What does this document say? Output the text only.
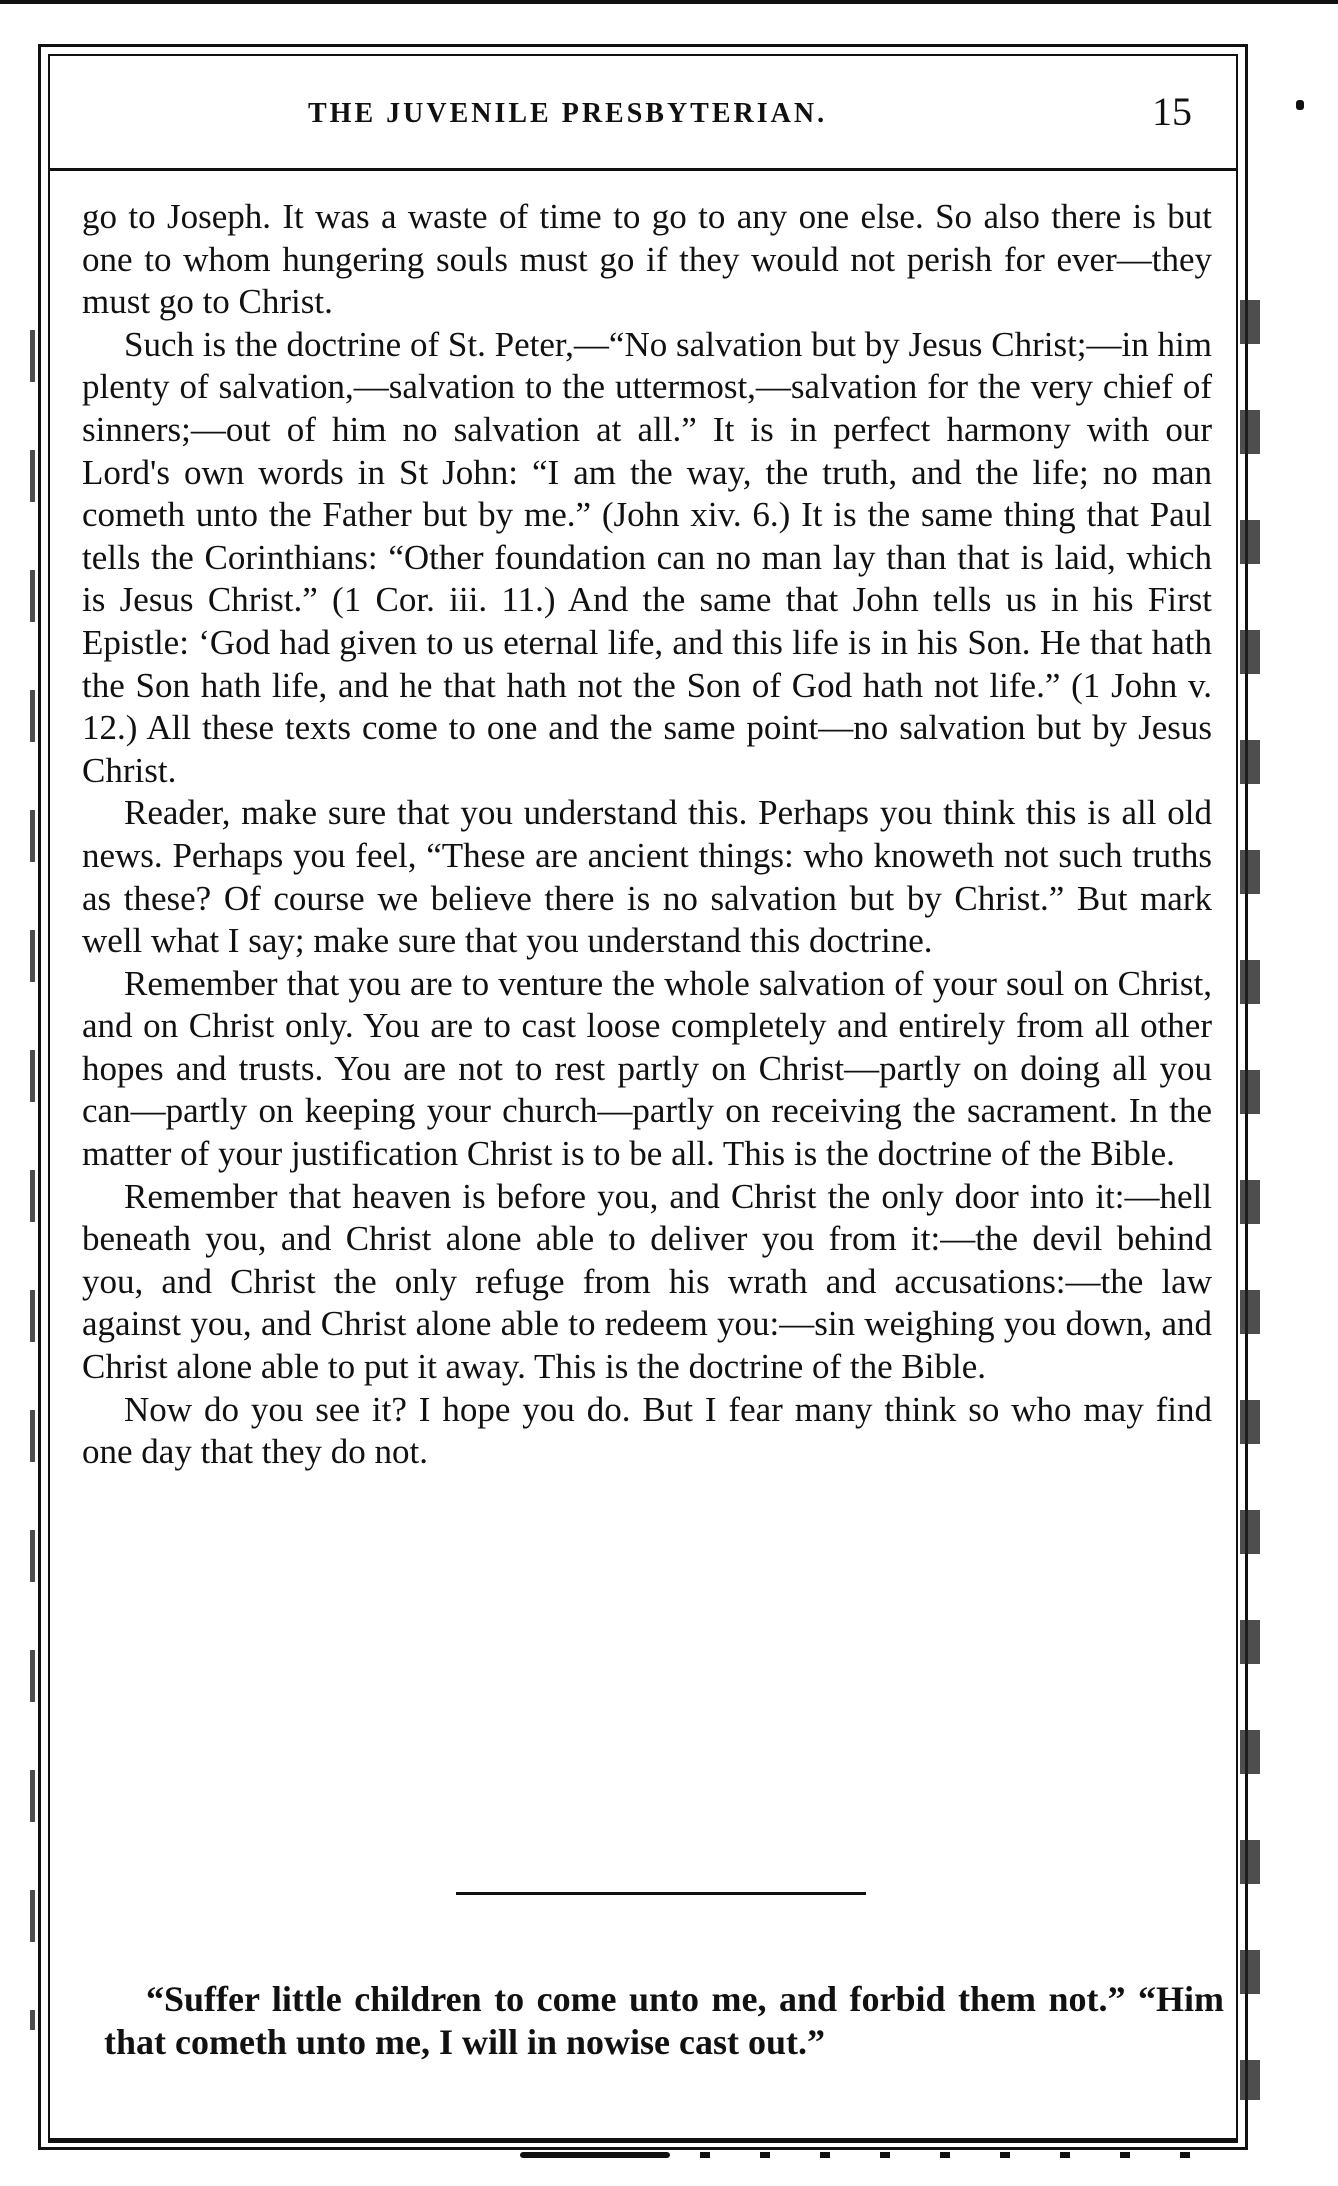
THE JUVENILE PRESBYTERIAN.	15

go to Joseph. It was a waste of time to go to any one else. So also there is but one to whom hungering souls must go if they would not perish for ever—they must go to Christ.

Such is the doctrine of St. Peter,—“No salvation but by Jesus Christ;—in him plenty of salvation,—salvation to the uttermost,—salvation for the very chief of sinners;—out of him no salvation at all.” It is in perfect harmony with our Lord's own words in St John: “I am the way, the truth, and the life; no man cometh unto the Father but by me.” (John xiv. 6.) It is the same thing that Paul tells the Corinthians: “Other foundation can no man lay than that is laid, which is Jesus Christ.” (1 Cor. iii. 11.) And the same that John tells us in his First Epistle: ‘God had given to us eternal life, and this life is in his Son. He that hath the Son hath life, and he that hath not the Son of God hath not life.” (1 John v. 12.) All these texts come to one and the same point—no salvation but by Jesus Christ.

Reader, make sure that you understand this. Perhaps you think this is all old news. Perhaps you feel, “These are ancient things: who knoweth not such truths as these? Of course we believe there is no salvation but by Christ.” But mark well what I say; make sure that you understand this doctrine.

Remember that you are to venture the whole salvation of your soul on Christ, and on Christ only. You are to cast loose completely and entirely from all other hopes and trusts. You are not to rest partly on Christ—partly on doing all you can—partly on keeping your church—partly on receiving the sacrament. In the matter of your justification Christ is to be all. This is the doctrine of the Bible.

Remember that heaven is before you, and Christ the only door into it:—hell beneath you, and Christ alone able to deliver you from it:—the devil behind you, and Christ the only refuge from his wrath and accusations:—the law against you, and Christ alone able to redeem you:—sin weighing you down, and Christ alone able to put it away. This is the doctrine of the Bible.

Now do you see it? I hope you do. But I fear many think so who may find one day that they do not.

“Suffer little children to come unto me, and forbid them not.” “Him that cometh unto me, I will in nowise cast out.”
